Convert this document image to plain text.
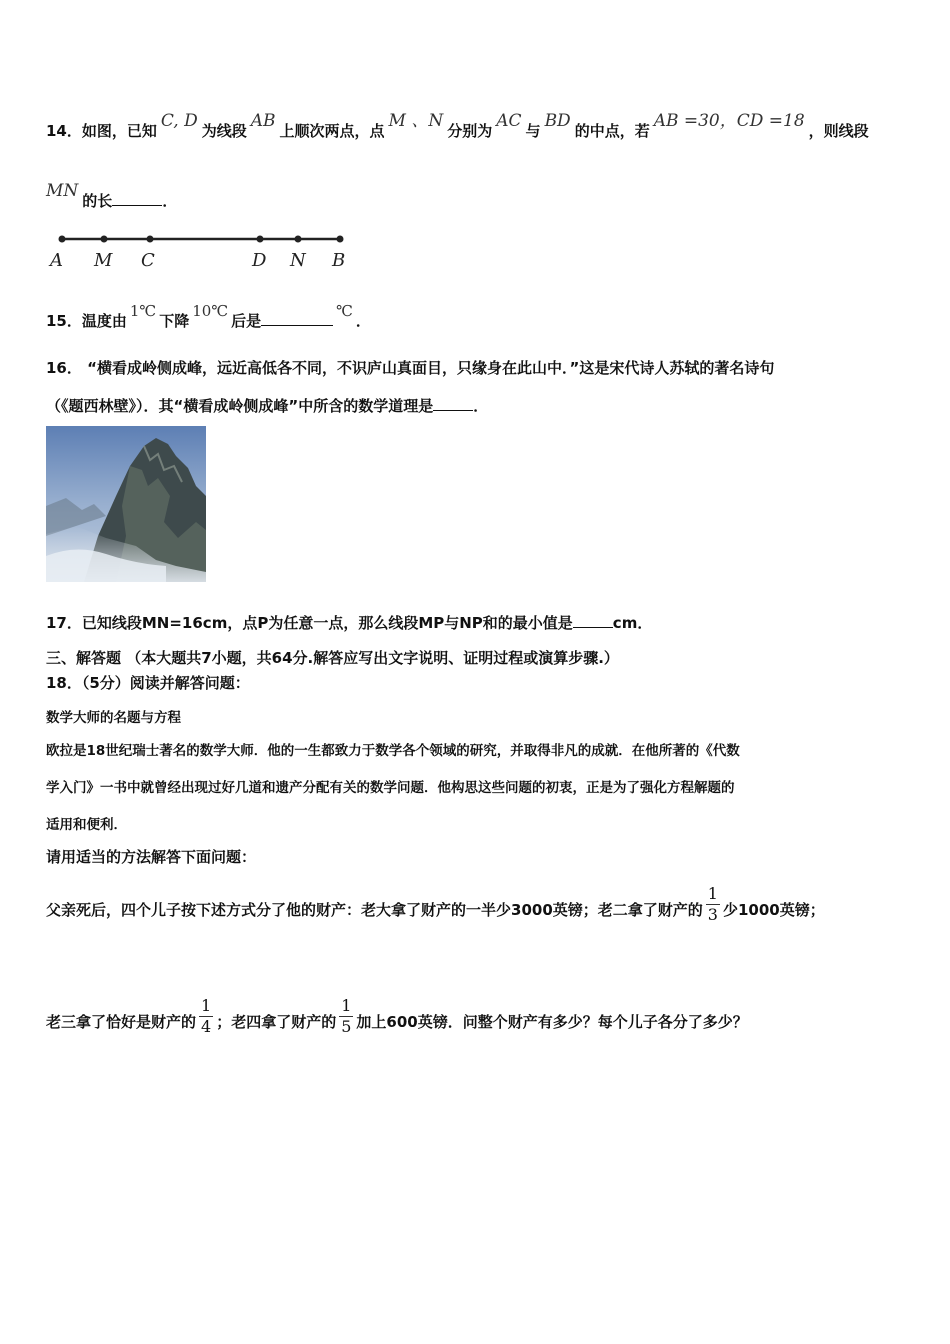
14．如图，已知 C, D 为线段 AB 上顺次两点，点 M 、N 分别为 AC 与 BD 的中点，若 AB =30，CD =18 ，则线段
MN 的长	．
A M C	D N B
15．温度由1℃下降10℃后是℃．
16． “横看成岭侧成峰，远近高低各不同，不识庐山真面目，只缘身在此山中．”这是宋代诗人苏轼的著名诗句
（《题西林壁》）．其“横看成岭侧成峰”中所含的数学道理是	．
17．已知线段MN=16cm，点P为任意一点，那么线段MP与NP和的最小值是	cm．
三、解答题 （本大题共7小题，共64分.解答应写出文字说明、证明过程或演算步骤.）
18．（5分）阅读并解答问题：
数学大师的名题与方程
欧拉是18世纪瑞士著名的数学大师．他的一生都致力于数学各个领域的研究，并取得非凡的成就．在他所著的《代数
学入门》一书中就曾经出现过好几道和遗产分配有关的数学问题．他构思这些问题的初衷，正是为了强化方程解题的
适用和便利．
请用适当的方法解答下面问题：
父亲死后，四个儿子按下述方式分了他的财产：老大拿了财产的一半少3000英镑；老二拿了财产的 $\frac{1}{3}$ 少1000英镑；
老三拿了恰好是财产的 $\frac{1}{4}$ ；老四拿了财产的 $\frac{1}{5}$ 加上600英镑．问整个财产有多少？每个儿子各分了多少？
